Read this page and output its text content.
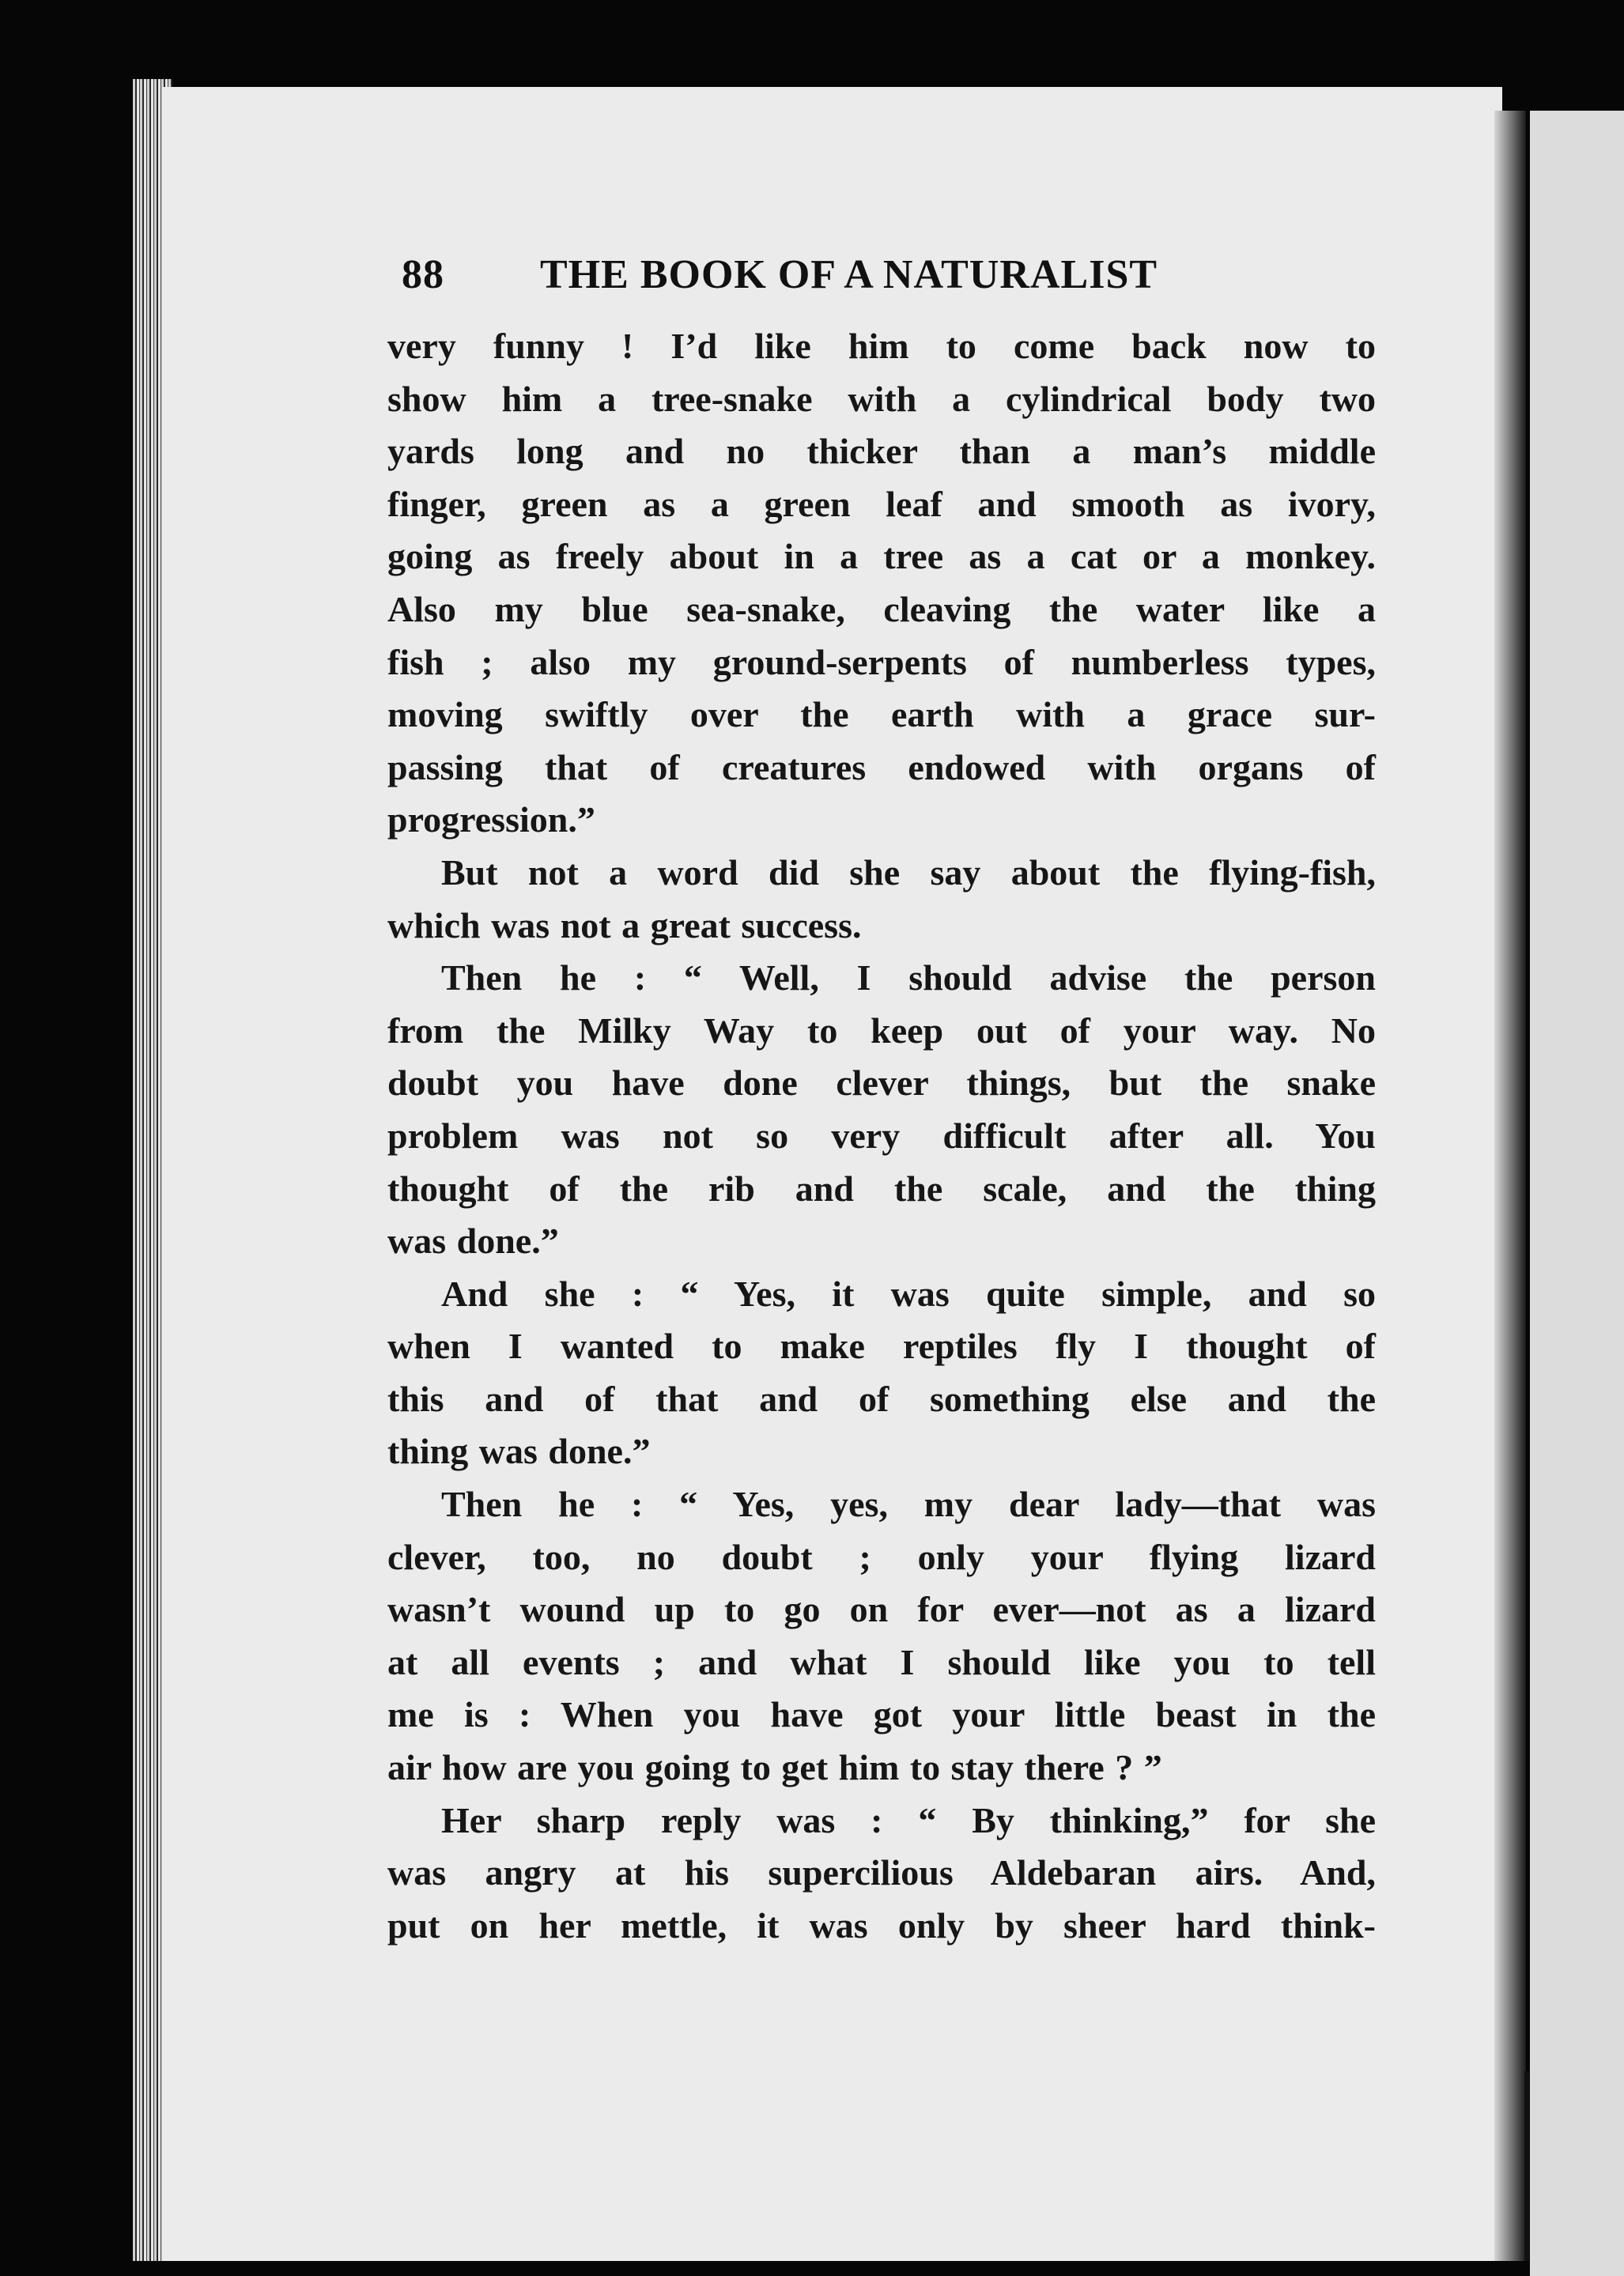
88 THE BOOK OF A NATURALIST
very funny ! I’d like him to come back now to
show him a tree-snake with a cylindrical body two
yards long and no thicker than a man’s middle
finger, green as a green leaf and smooth as ivory,
going as freely about in a tree as a cat or a monkey.
Also my blue sea-snake, cleaving the water like a
fish ; also my ground-serpents of numberless types,
moving swiftly over the earth with a grace sur-
passing that of creatures endowed with organs of
progression.”
But not a word did she say about the flying-fish,
which was not a great success.
Then he : “ Well, I should advise the person
from the Milky Way to keep out of your way. No
doubt you have done clever things, but the snake
problem was not so very difficult after all. You
thought of the rib and the scale, and the thing
was done.”
And she : “ Yes, it was quite simple, and so
when I wanted to make reptiles fly I thought of
this and of that and of something else and the
thing was done.”
Then he : “ Yes, yes, my dear lady—that was
clever, too, no doubt ; only your flying lizard
wasn’t wound up to go on for ever—not as a lizard
at all events ; and what I should like you to tell
me is : When you have got your little beast in the
air how are you going to get him to stay there ? ”
Her sharp reply was : “ By thinking,” for she
was angry at his supercilious Aldebaran airs. And,
put on her mettle, it was only by sheer hard think-
